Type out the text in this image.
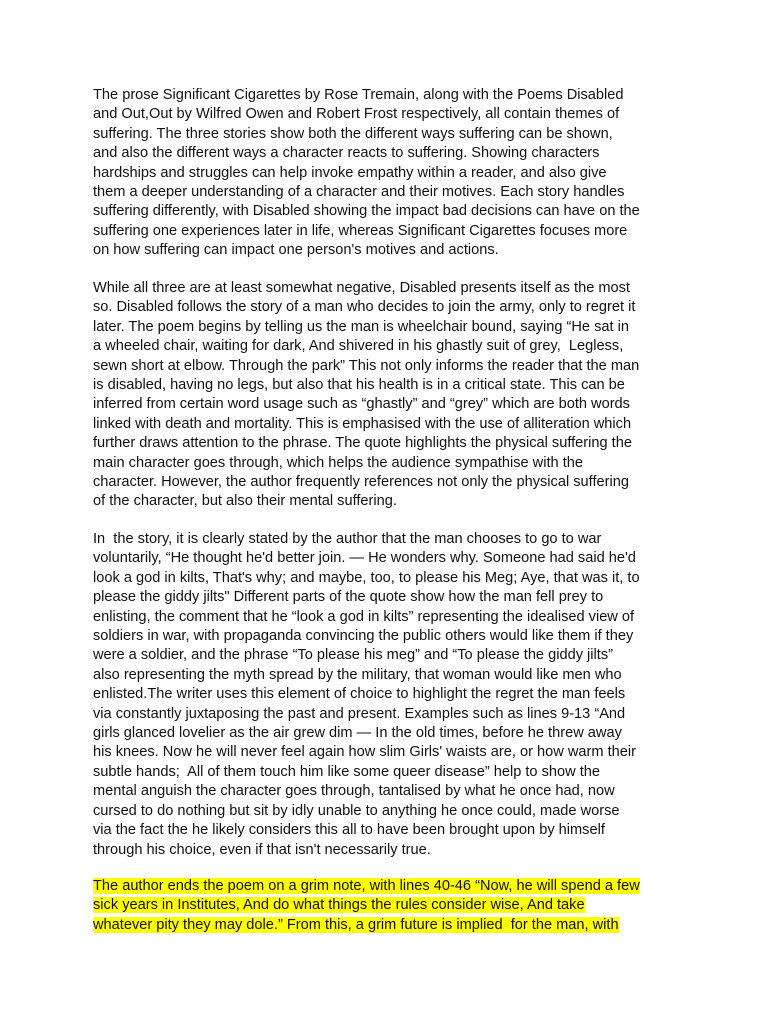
The prose Significant Cigarettes by Rose Tremain, along with the Poems Disabled
and Out,Out by Wilfred Owen and Robert Frost respectively, all contain themes of
suffering. The three stories show both the different ways suffering can be shown,
and also the different ways a character reacts to suffering. Showing characters
hardships and struggles can help invoke empathy within a reader, and also give
them a deeper understanding of a character and their motives. Each story handles
suffering differently, with Disabled showing the impact bad decisions can have on the
suffering one experiences later in life, whereas Significant Cigarettes focuses more
on how suffering can impact one person's motives and actions.

While all three are at least somewhat negative, Disabled presents itself as the most
so. Disabled follows the story of a man who decides to join the army, only to regret it
later. The poem begins by telling us the man is wheelchair bound, saying “He sat in
a wheeled chair, waiting for dark, And shivered in his ghastly suit of grey,  Legless,
sewn short at elbow. Through the park” This not only informs the reader that the man
is disabled, having no legs, but also that his health is in a critical state. This can be
inferred from certain word usage such as “ghastly” and “grey” which are both words
linked with death and mortality. This is emphasised with the use of alliteration which
further draws attention to the phrase. The quote highlights the physical suffering the
main character goes through, which helps the audience sympathise with the
character. However, the author frequently references not only the physical suffering
of the character, but also their mental suffering.

In  the story, it is clearly stated by the author that the man chooses to go to war
voluntarily, “He thought he'd better join. — He wonders why. Someone had said he'd
look a god in kilts, That's why; and maybe, too, to please his Meg; Aye, that was it, to
please the giddy jilts" Different parts of the quote show how the man fell prey to
enlisting, the comment that he “look a god in kilts” representing the idealised view of
soldiers in war, with propaganda convincing the public others would like them if they
were a soldier, and the phrase “To please his meg” and “To please the giddy jilts”
also representing the myth spread by the military, that woman would like men who
enlisted.The writer uses this element of choice to highlight the regret the man feels
via constantly juxtaposing the past and present. Examples such as lines 9-13 “And
girls glanced lovelier as the air grew dim — In the old times, before he threw away
his knees. Now he will never feel again how slim Girls' waists are, or how warm their
subtle hands;  All of them touch him like some queer disease” help to show the
mental anguish the character goes through, tantalised by what he once had, now
cursed to do nothing but sit by idly unable to anything he once could, made worse
via the fact the he likely considers this all to have been brought upon by himself
through his choice, even if that isn't necessarily true.

The author ends the poem on a grim note, with lines 40-46 “Now, he will spend a few
sick years in Institutes, And do what things the rules consider wise, And take
whatever pity they may dole.” From this, a grim future is implied  for the man, with
